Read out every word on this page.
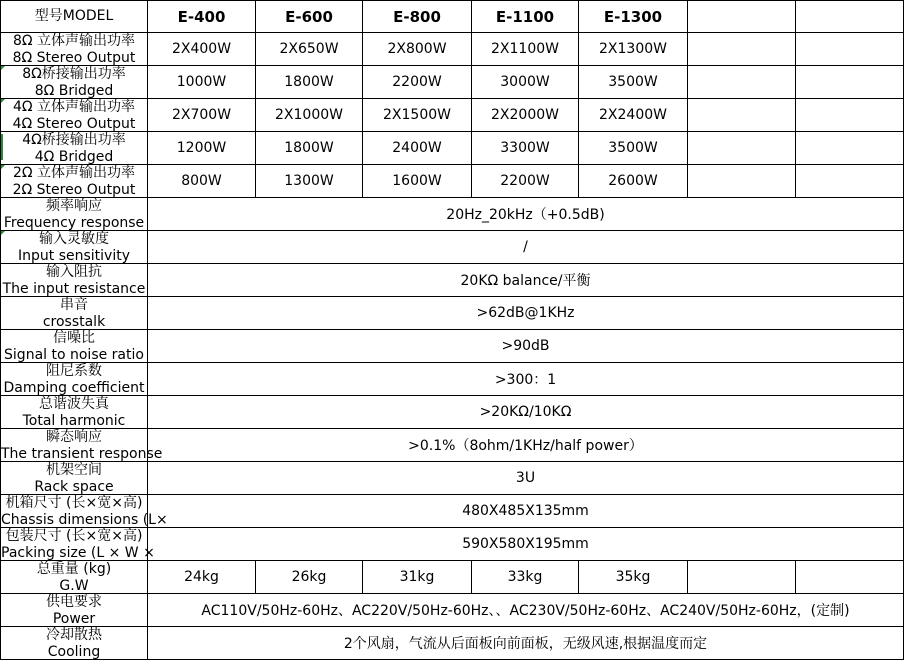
型号MODEL	E-400	E-600	E-800	E-1100	E-1300		

8Ω 立体声输出功率
8Ω Stereo Output	2X400W	2X650W	2X800W	2X1100W	2X1300W		

8Ω桥接输出功率
8Ω Bridged	1000W	1800W	2200W	3000W	3500W		

4Ω 立体声输出功率
4Ω Stereo Output	2X700W	2X1000W	2X1500W	2X2000W	2X2400W		

4Ω桥接输出功率
4Ω Bridged	1200W	1800W	2400W	3300W	3500W		

2Ω 立体声输出功率
2Ω Stereo Output	800W	1300W	1600W	2200W	2600W		

频率响应
Frequency response	20Hz_20kHz（+0.5dB)						

输入灵敏度
Input sensitivity	/						

输入阻抗
The input resistance	20KΩ balance/平衡						

串音
crosstalk	>62dB@1KHz						

信噪比
Signal to noise ratio	>90dB						

阻尼系数
Damping coefficient	>300：1						

总谐波失真
Total harmonic	>20KΩ/10KΩ						

瞬态响应
The transient response	>0.1%（8ohm/1KHz/half power）						

机架空间
Rack space	3U						

机箱尺寸 (长×宽×高)
Chassis dimensions (L×	480X485X135mm						

包装尺寸 (长×宽×高)
Packing size (L × W ×	590X580X195mm						

总重量 (kg)
G.W	24kg	26kg	31kg	33kg	35kg		

供电要求
Power	AC110V/50Hz-60Hz、AC220V/50Hz-60Hz、、AC230V/50Hz-60Hz、AC240V/50Hz-60Hz，(定制)						

冷却散热
Cooling	2个风扇，气流从后面板向前面板，无级风速,根据温度而定						
